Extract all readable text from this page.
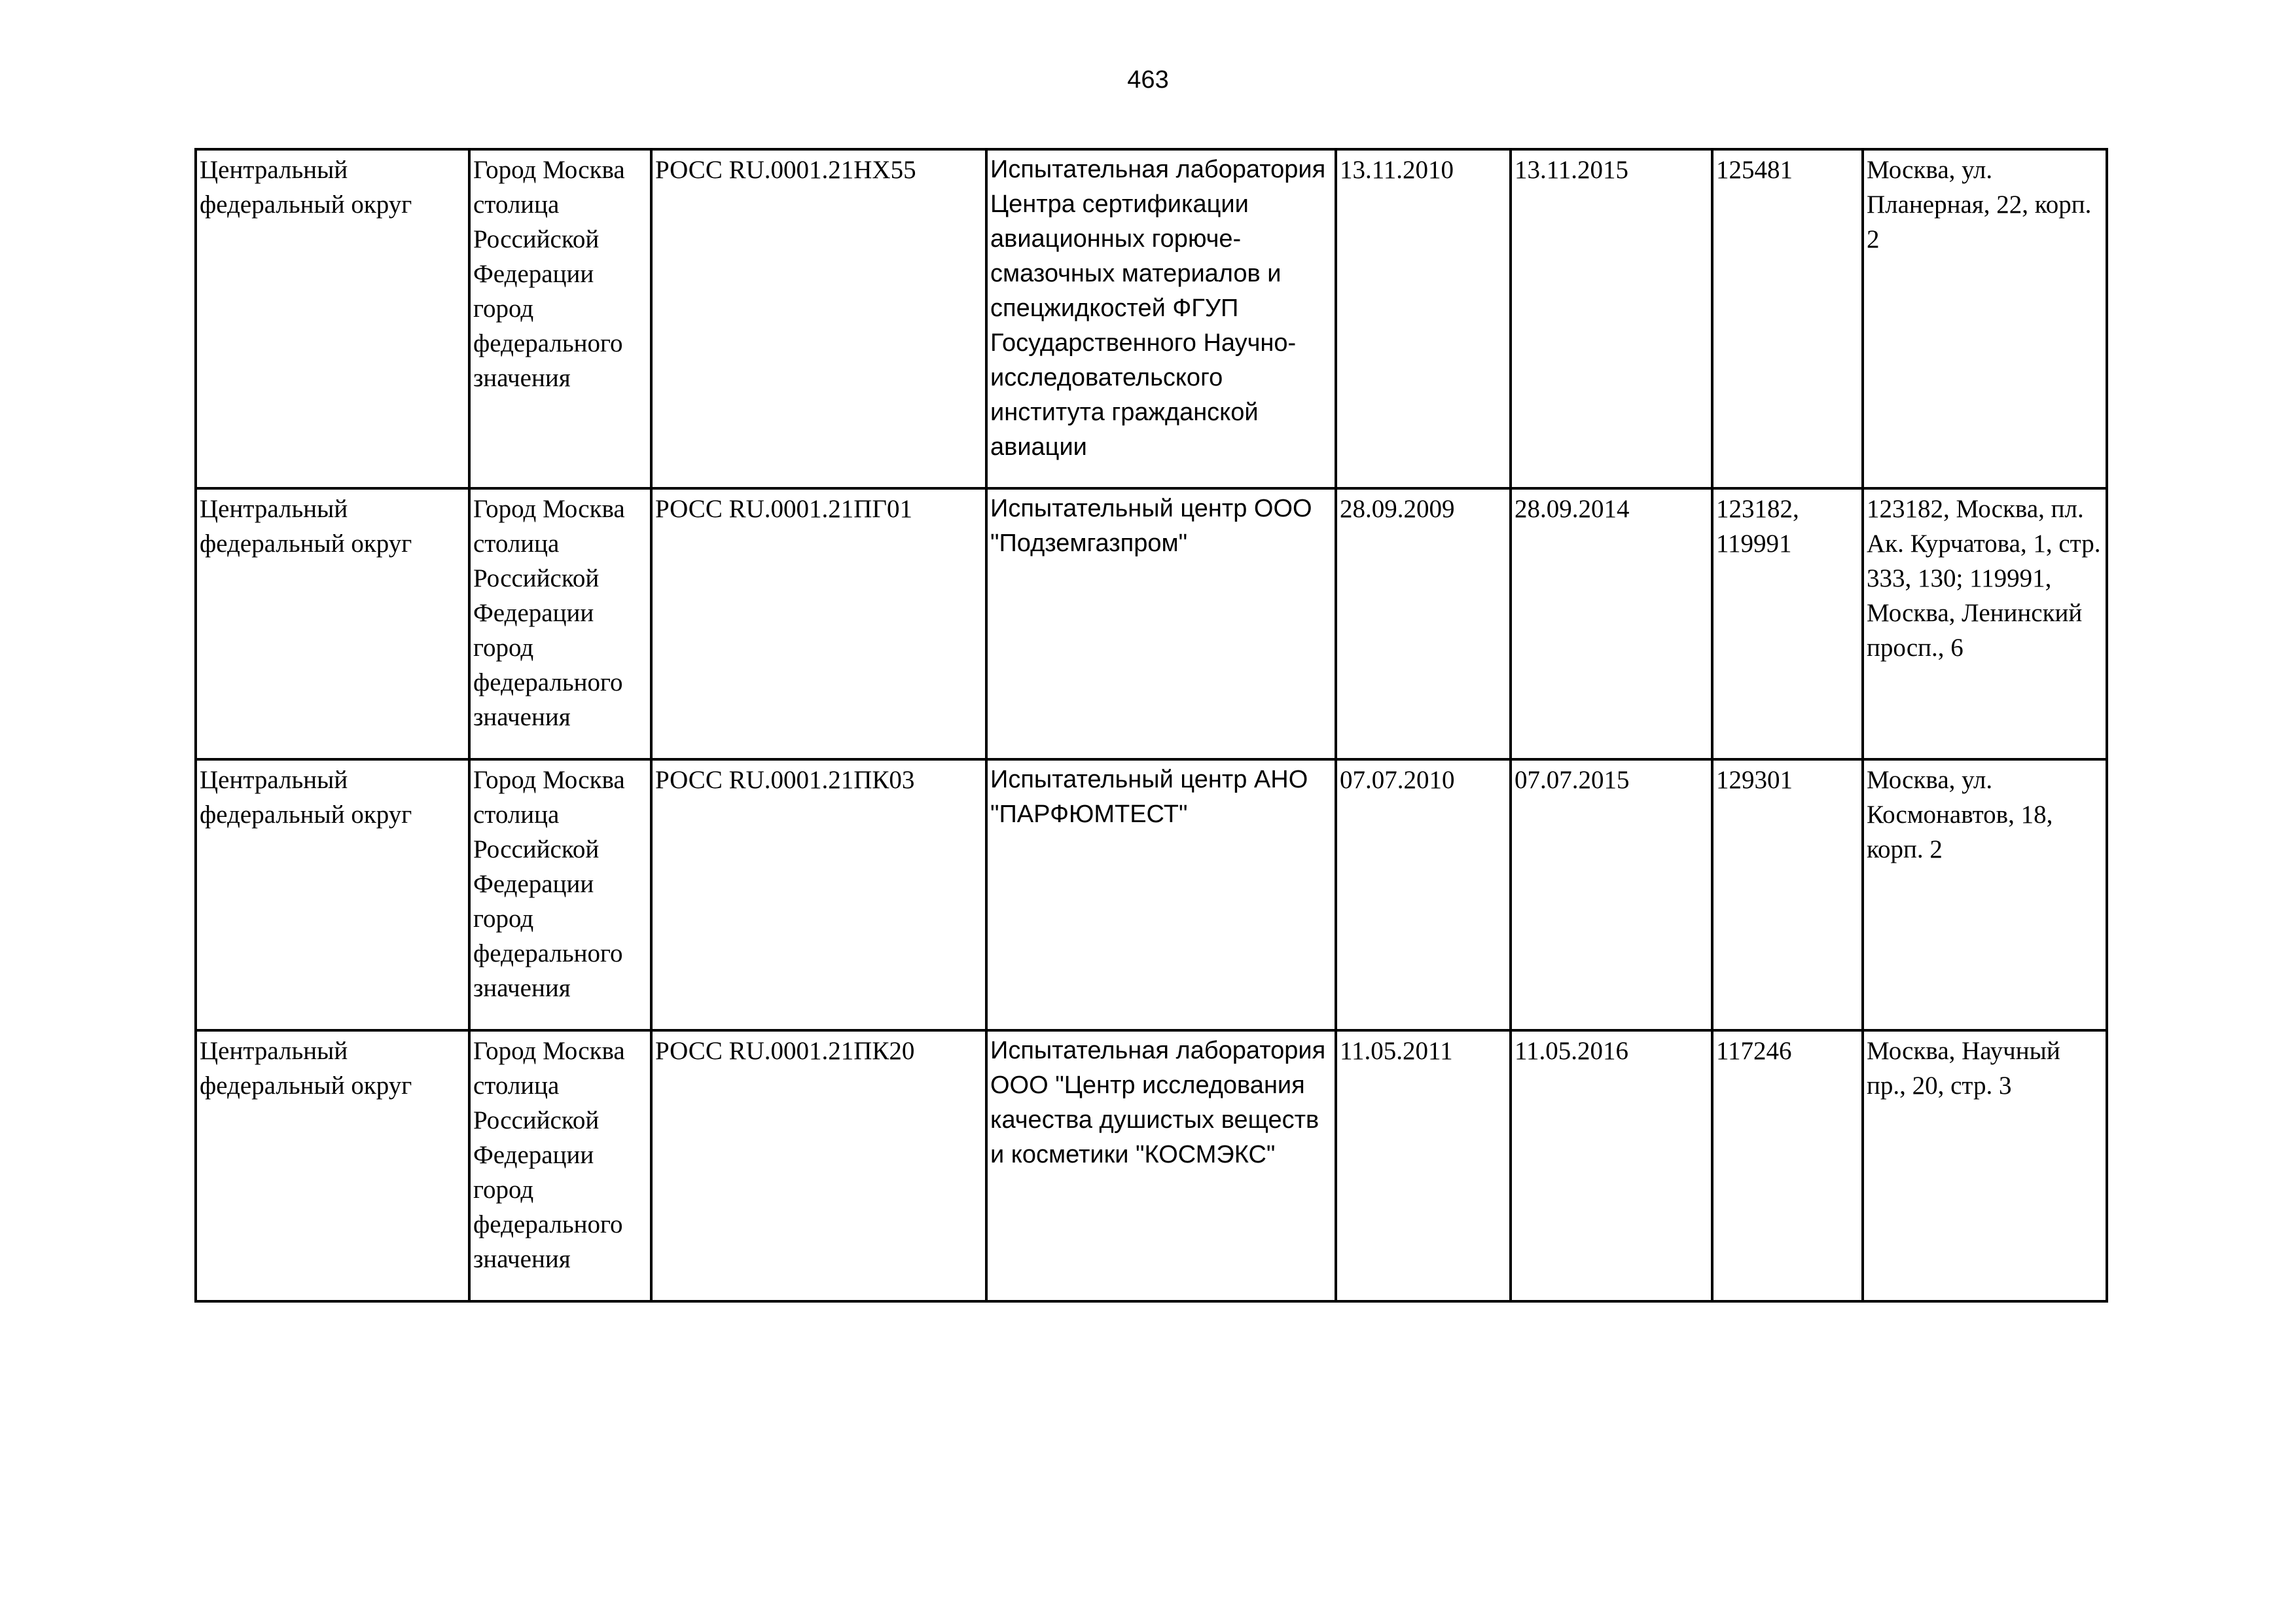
463
Центральный федеральный округ	Город Москва столица Российской Федерации город федерального значения	РОСС RU.0001.21НХ55	Испытательная лаборатория Центра сертификации авиационных горюче-смазочных материалов и спецжидкостей ФГУП Государственного Научно-исследовательского института гражданской авиации	13.11.2010	13.11.2015	125481	Москва, ул. Планерная, 22, корп. 2

Центральный федеральный округ	Город Москва столица Российской Федерации город федерального значения	РОСС RU.0001.21ПГ01	Испытательный центр ООО "Подземгазпром"	28.09.2009	28.09.2014	123182, 119991	123182, Москва, пл. Ак. Курчатова, 1, стр. 333, 130; 119991, Москва, Ленинский просп., 6

Центральный федеральный округ	Город Москва столица Российской Федерации город федерального значения	РОСС RU.0001.21ПК03	Испытательный центр АНО "ПАРФЮМТЕСТ"	07.07.2010	07.07.2015	129301	Москва, ул. Космонавтов, 18, корп. 2

Центральный федеральный округ	Город Москва столица Российской Федерации город федерального значения	РОСС RU.0001.21ПК20	Испытательная лаборатория ООО "Центр исследования качества душистых веществ и косметики "КОСМЭКС"	11.05.2011	11.05.2016	117246	Москва, Научный пр., 20, стр. 3
